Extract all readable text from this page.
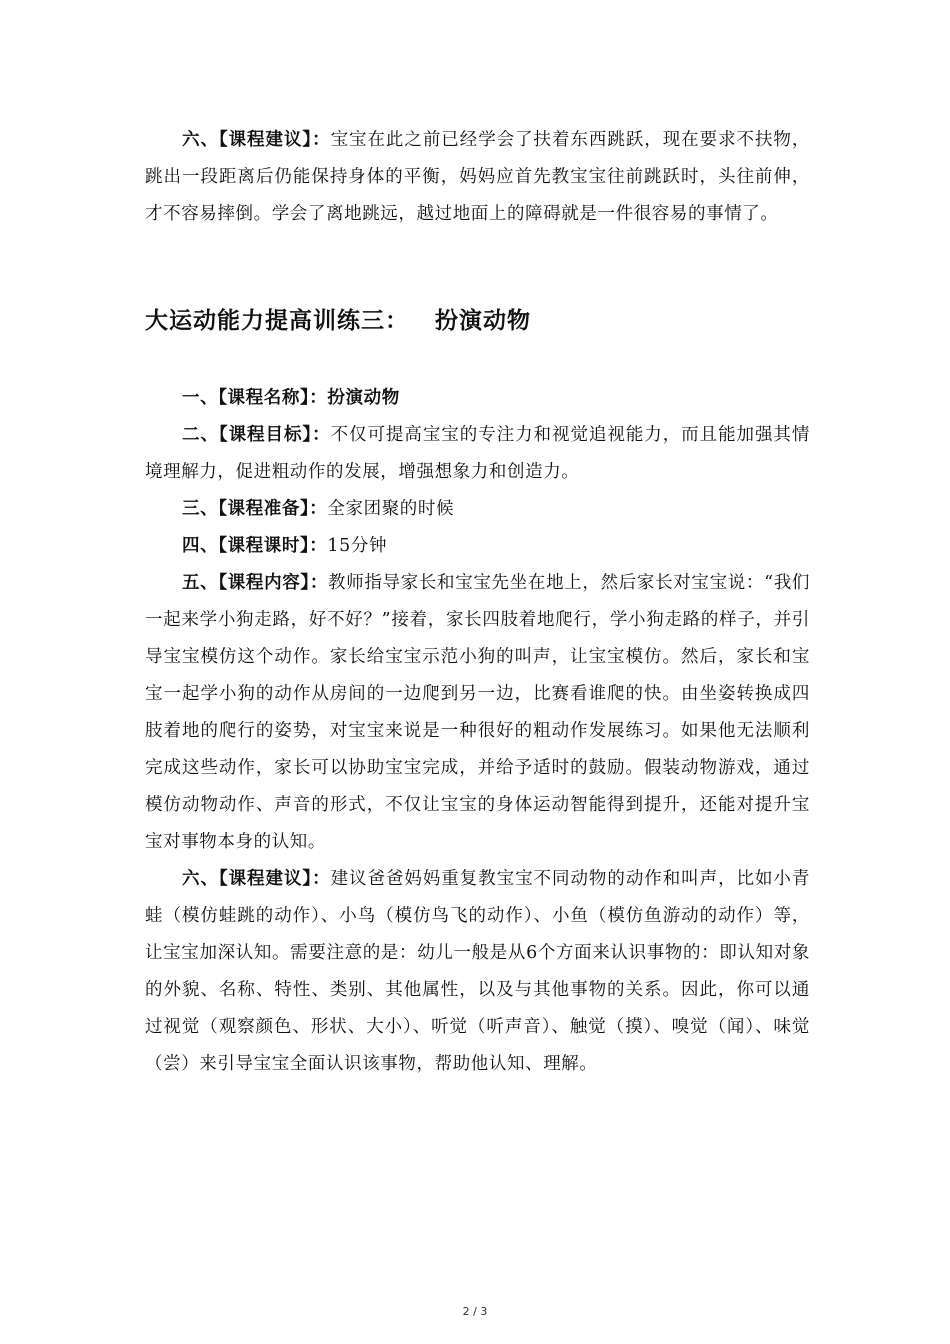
六、【课程建议】：宝宝在此之前已经学会了扶着东西跳跃，现在要求不扶物，跳出一段距离后仍能保持身体的平衡，妈妈应首先教宝宝往前跳跃时，头往前伸，才不容易摔倒。学会了离地跳远，越过地面上的障碍就是一件很容易的事情了。

大运动能力提高训练三： 扮演动物

一、【课程名称】：扮演动物

二、【课程目标】：不仅可提高宝宝的专注力和视觉追视能力，而且能加强其情境理解力，促进粗动作的发展，增强想象力和创造力。

三、【课程准备】：全家团聚的时候

四、【课程课时】：15分钟

五、【课程内容】：教师指导家长和宝宝先坐在地上，然后家长对宝宝说：“我们一起来学小狗走路，好不好？”接着，家长四肢着地爬行，学小狗走路的样子，并引导宝宝模仿这个动作。家长给宝宝示范小狗的叫声，让宝宝模仿。然后，家长和宝宝一起学小狗的动作从房间的一边爬到另一边，比赛看谁爬的快。由坐姿转换成四肢着地的爬行的姿势，对宝宝来说是一种很好的粗动作发展练习。如果他无法顺利完成这些动作，家长可以协助宝宝完成，并给予适时的鼓励。假装动物游戏，通过模仿动物动作、声音的形式，不仅让宝宝的身体运动智能得到提升，还能对提升宝宝对事物本身的认知。

六、【课程建议】：建议爸爸妈妈重复教宝宝不同动物的动作和叫声，比如小青蛙（模仿蛙跳的动作）、小鸟（模仿鸟飞的动作）、小鱼（模仿鱼游动的动作）等，让宝宝加深认知。需要注意的是：幼儿一般是从6个方面来认识事物的：即认知对象的外貌、名称、特性、类别、其他属性，以及与其他事物的关系。因此，你可以通过视觉（观察颜色、形状、大小）、听觉（听声音）、触觉（摸）、嗅觉（闻）、味觉（尝）来引导宝宝全面认识该事物，帮助他认知、理解。

2 / 3
